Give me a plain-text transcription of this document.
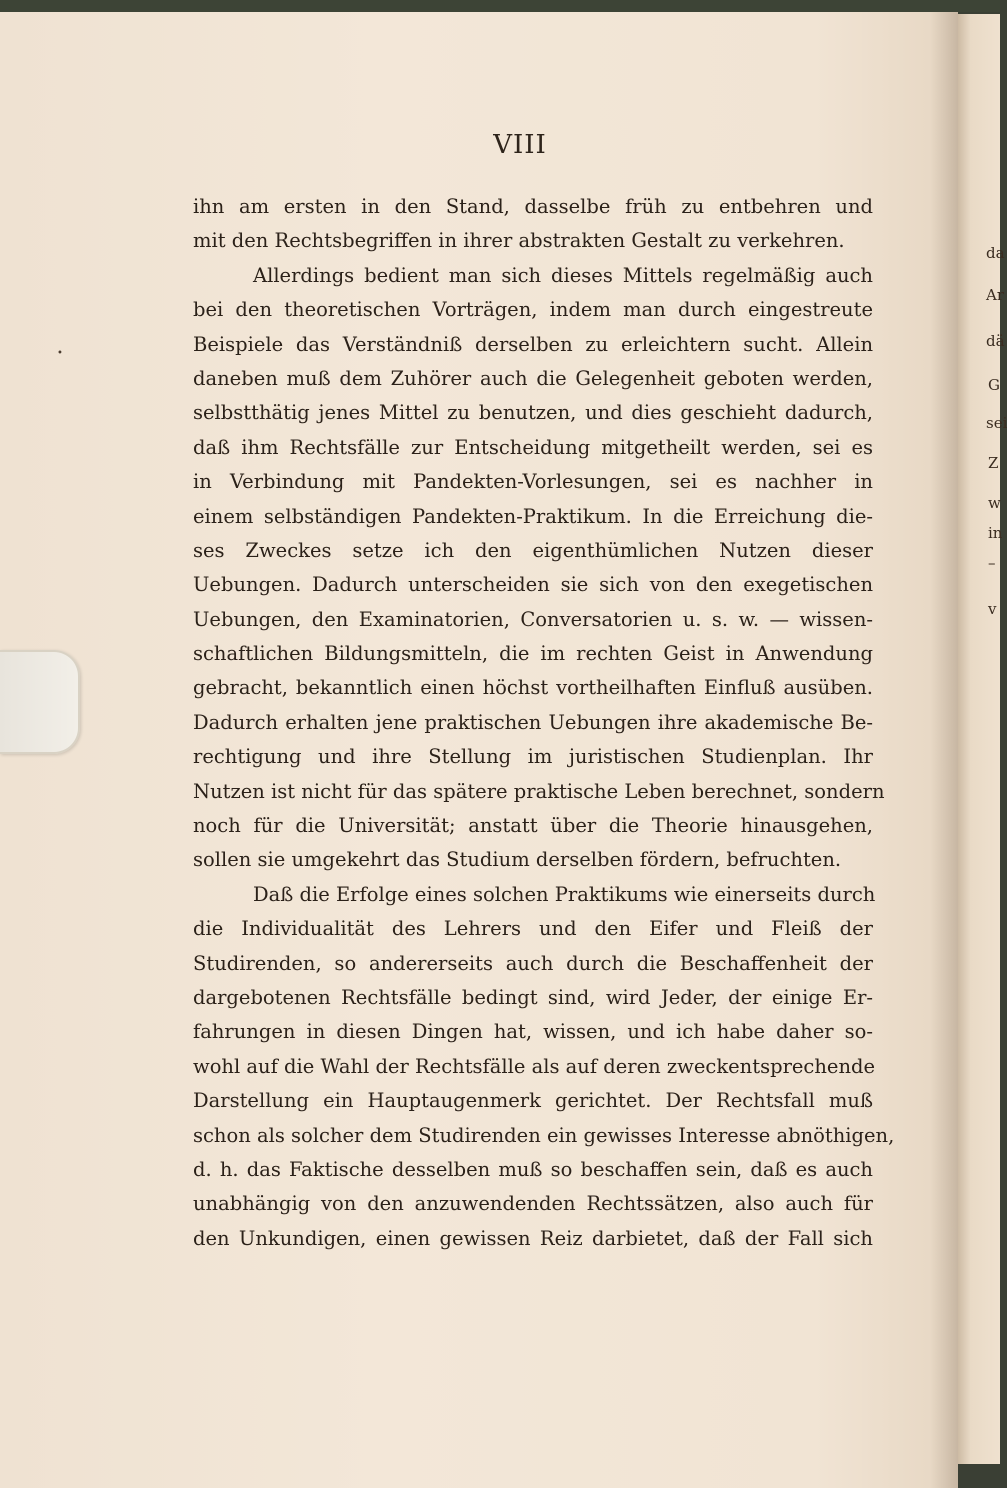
•
VIII
ihn am ersten in den Stand, dasselbe früh zu entbehren und
mit den Rechtsbegriffen in ihrer abstrakten Gestalt zu verkehren.
Allerdings bedient man sich dieses Mittels regelmäßig auch
bei den theoretischen Vorträgen, indem man durch eingestreute
Beispiele das Verständniß derselben zu erleichtern sucht. Allein
daneben muß dem Zuhörer auch die Gelegenheit geboten werden,
selbstthätig jenes Mittel zu benutzen, und dies geschieht dadurch,
daß ihm Rechtsfälle zur Entscheidung mitgetheilt werden, sei es
in Verbindung mit Pandekten-Vorlesungen, sei es nachher in
einem selbständigen Pandekten-Praktikum. In die Erreichung die-
ses Zweckes setze ich den eigenthümlichen Nutzen dieser
Uebungen. Dadurch unterscheiden sie sich von den exegetischen
Uebungen, den Examinatorien, Conversatorien u. s. w. — wissen-
schaftlichen Bildungsmitteln, die im rechten Geist in Anwendung
gebracht, bekanntlich einen höchst vortheilhaften Einfluß ausüben.
Dadurch erhalten jene praktischen Uebungen ihre akademische Be-
rechtigung und ihre Stellung im juristischen Studienplan. Ihr
Nutzen ist nicht für das spätere praktische Leben berechnet, sondern
noch für die Universität; anstatt über die Theorie hinausgehen,
sollen sie umgekehrt das Studium derselben fördern, befruchten.
Daß die Erfolge eines solchen Praktikums wie einerseits durch
die Individualität des Lehrers und den Eifer und Fleiß der
Studirenden, so andererseits auch durch die Beschaffenheit der
dargebotenen Rechtsfälle bedingt sind, wird Jeder, der einige Er-
fahrungen in diesen Dingen hat, wissen, und ich habe daher so-
wohl auf die Wahl der Rechtsfälle als auf deren zweckentsprechende
Darstellung ein Hauptaugenmerk gerichtet. Der Rechtsfall muß
schon als solcher dem Studirenden ein gewisses Interesse abnöthigen,
d. h. das Faktische desselben muß so beschaffen sein, daß es auch
unabhängig von den anzuwendenden Rechtssätzen, also auch für
den Unkundigen, einen gewissen Reiz darbietet, daß der Fall sich
da
Ar
dä
G
sei
Z
w
in
–
v
